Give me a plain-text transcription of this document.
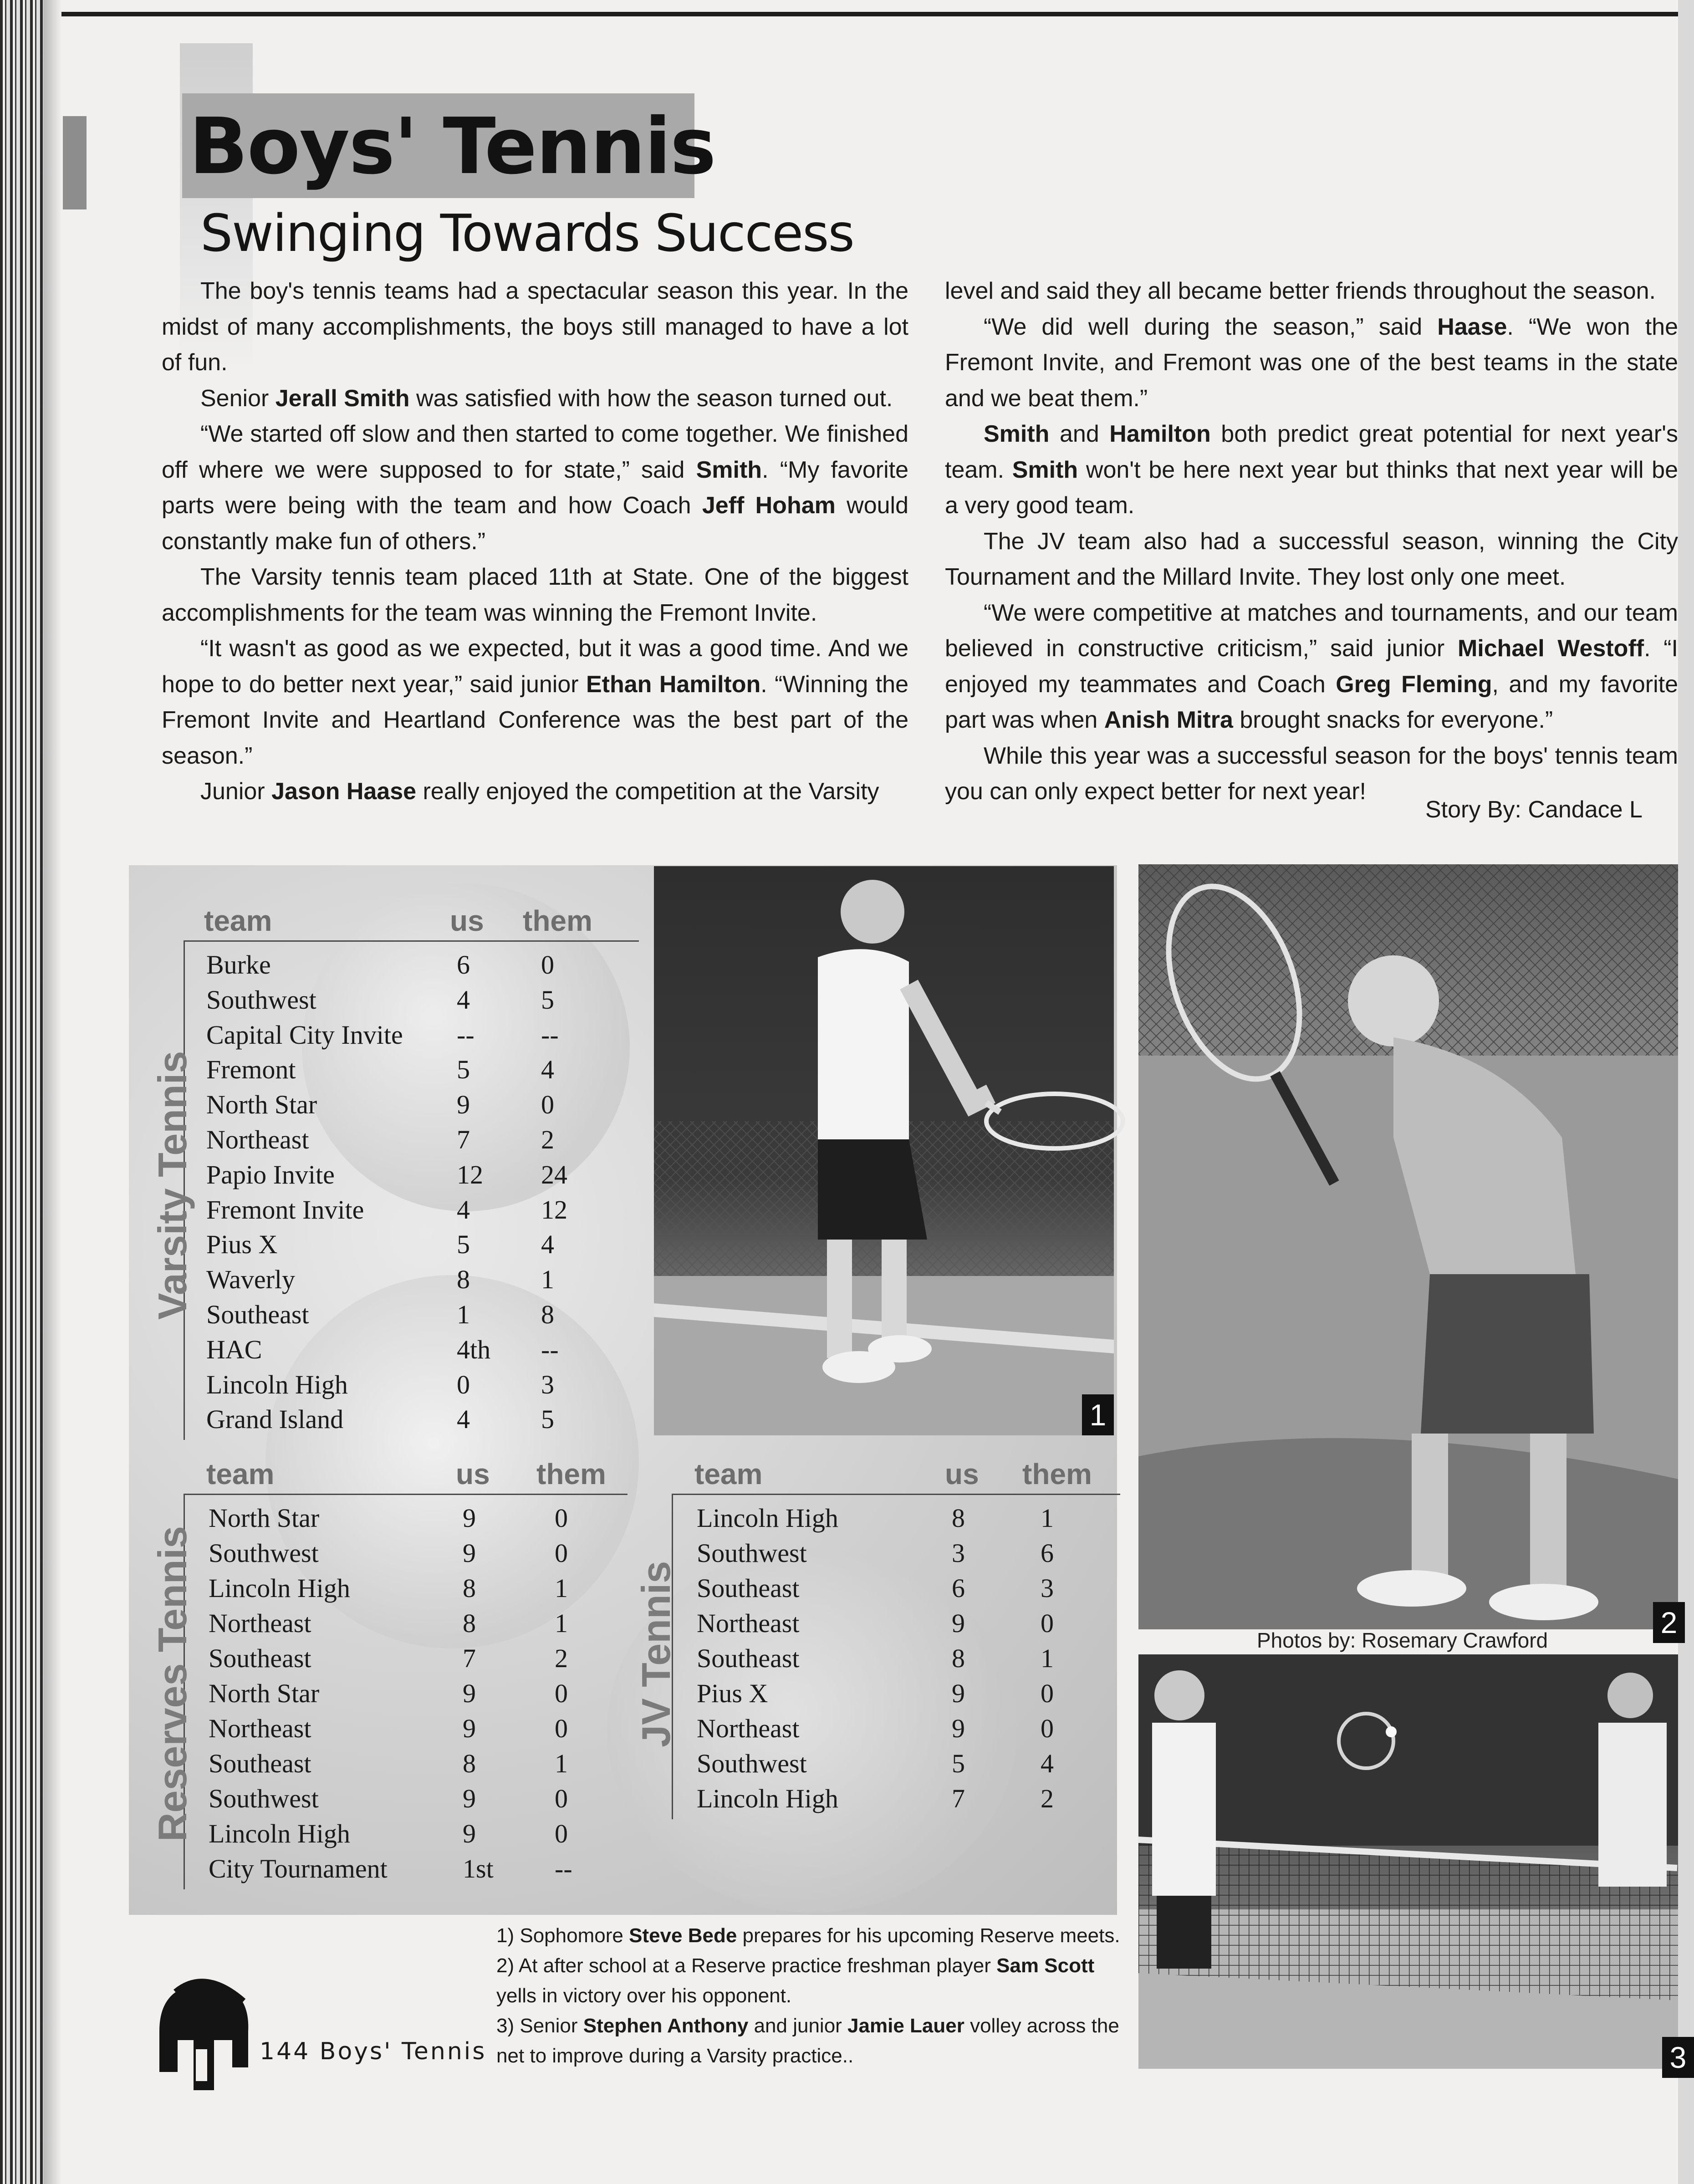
Boys' Tennis
Swinging Towards Success

The boy's tennis teams had a spectacular season this year. In the midst of many accomplishments, the boys still managed to have a lot of fun.

Senior Jerall Smith was satisfied with how the season turned out.

“We started off slow and then started to come together. We finished off where we were supposed to for state,” said Smith. “My favorite parts were being with the team and how Coach Jeff Hoham would constantly make fun of others.”

The Varsity tennis team placed 11th at State. One of the biggest accomplishments for the team was winning the Fremont Invite.

“It wasn't as good as we expected, but it was a good time. And we hope to do better next year,” said junior Ethan Hamilton. “Winning the Fremont Invite and Heartland Conference was the best part of the season.”

Junior Jason Haase really enjoyed the competition at the Varsity

level and said they all became better friends throughout the season.

“We did well during the season,” said Haase. “We won the Fremont Invite, and Fremont was one of the best teams in the state and we beat them.”

Smith and Hamilton both predict great potential for next year's team. Smith won't be here next year but thinks that next year will be a very good team.

The JV team also had a successful season, winning the City Tournament and the Millard Invite. They lost only one meet.

“We were competitive at matches and tournaments, and our team believed in constructive criticism,” said junior Michael Westoff. “I enjoyed my teammates and Coach Greg Fleming, and my favorite part was when Anish Mitra brought snacks for everyone.”

While this year was a successful season for the boys' tennis team you can only expect better for next year!

Story By: Candace L
team	us them
Varsity Tennis
Burke	6	0
Southwest	4	5
Capital City Invite --	--
Fremont	5	4
North Star	9	0
Northeast	7	2
Papio Invite	12 24
Fremont Invite	4	12
Pius X	5	4
Waverly	8	1
Southeast	1	8
HAC	4th --
Lincoln High	0	3
Grand Island	4	5
team	us them
Reserves Tennis
North Star	9	0
Southwest	9	0
Lincoln High	8	1
Northeast	8	1
Southeast	7	2
North Star	9	0
Northeast	9	0
Southeast	8	1
Southwest	9	0
Lincoln High	9	0
City Tournament	1st --
team	us them
JV Tennis
Lincoln High	8	1
Southwest	3	6
Southeast	6	3
Northeast	9	0
Southeast	8	1
Pius X	9	0
Northeast	9	0
Southwest	5	4
Lincoln High	7	2
1
2
Photos by: Rosemary Crawford
3

1) Sophomore Steve Bede prepares for his upcoming Reserve meets.

2) At after school at a Reserve practice freshman player Sam Scott yells in victory over his opponent.

3) Senior Stephen Anthony and junior Jamie Lauer volley across the net to improve during a Varsity practice..

144 Boys' Tennis
